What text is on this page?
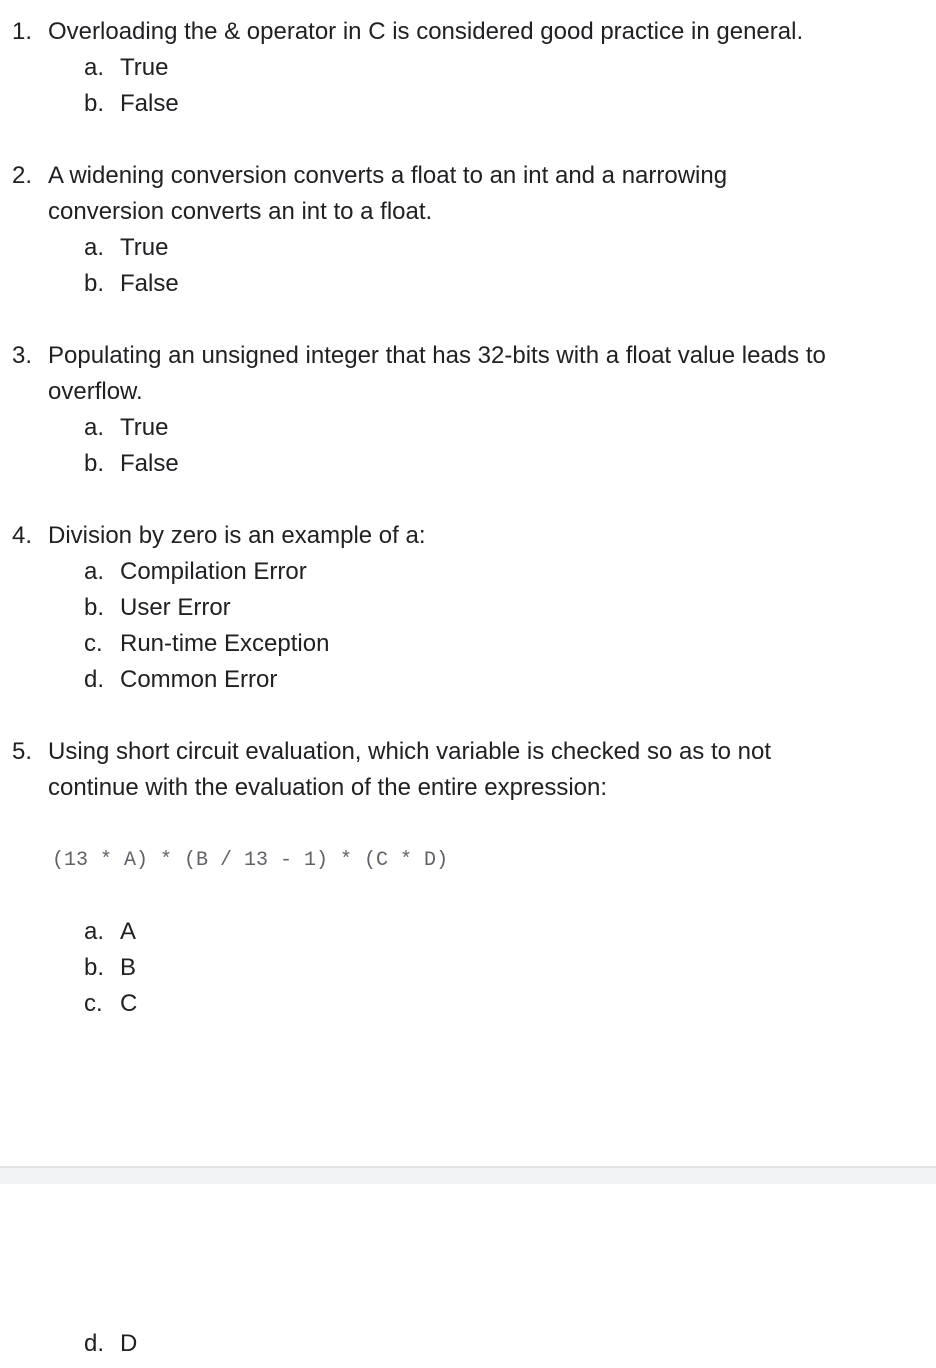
1. Overloading the & operator in C is considered good practice in general.
a. True
b. False
2. A widening conversion converts a float to an int and a narrowing
conversion converts an int to a float.
a. True
b. False
3. Populating an unsigned integer that has 32-bits with a float value leads to
overflow.
a. True
b. False
4. Division by zero is an example of a:
a. Compilation Error
b. User Error
c. Run-time Exception
d. Common Error
5. Using short circuit evaluation, which variable is checked so as to not
continue with the evaluation of the entire expression:
(13 * A) * (B / 13 - 1) * (C * D)
a. A
b. B
c. C
d. D
